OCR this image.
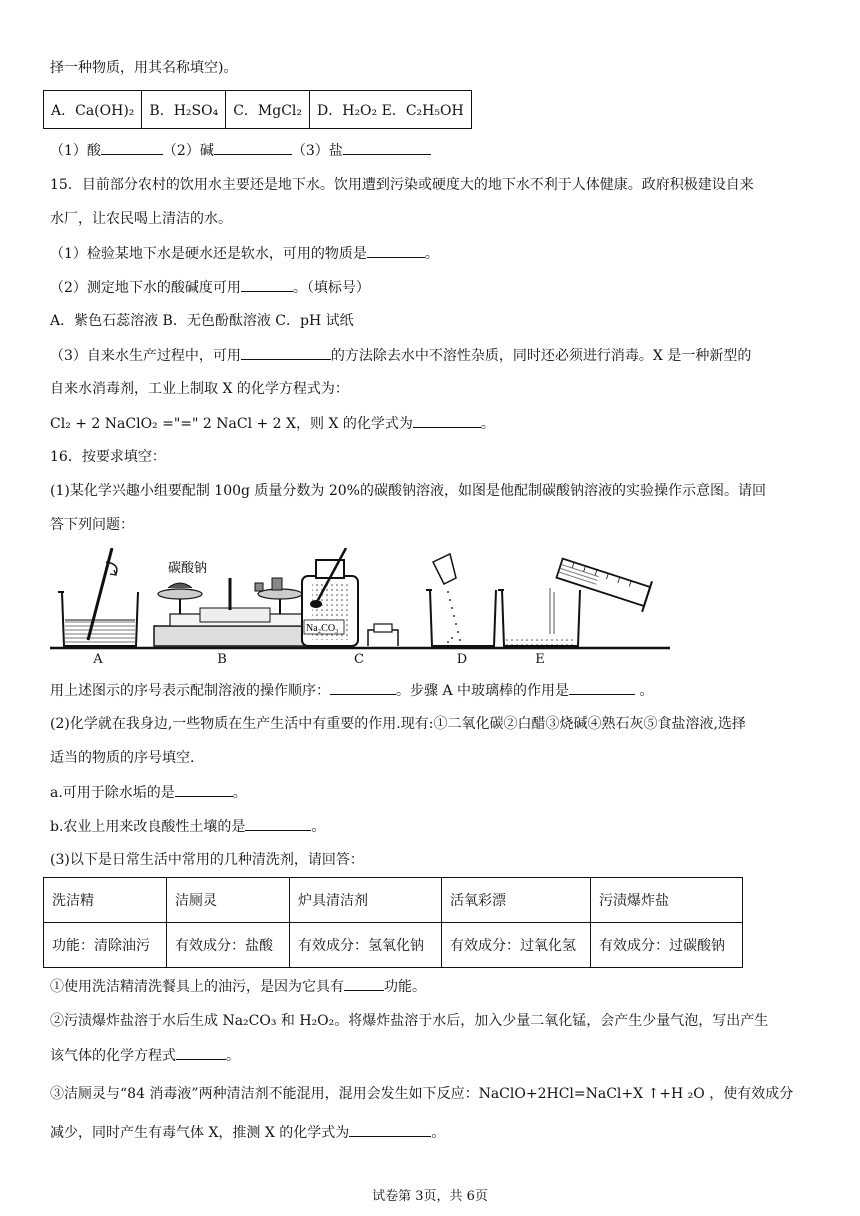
择一种物质，用其名称填空)。
A．Ca(OH)₂	B．H₂SO₄	C．MgCl₂	D．H₂O₂ E．C₂H₅OH
（1）酸	（2）碱	（3）盐
15．目前部分农村的饮用水主要还是地下水。饮用遭到污染或硬度大的地下水不利于人体健康。政府积极建设自来
水厂，让农民喝上清洁的水。
（1）检验某地下水是硬水还是软水，可用的物质是	。
（2）测定地下水的酸碱度可用	。（填标号）
A．紫色石蕊溶液 B．无色酚酞溶液 C．pH 试纸
（3）自来水生产过程中，可用	的方法除去水中不溶性杂质，同时还必须进行消毒。X 是一种新型的
自来水消毒剂，工业上制取 X 的化学方程式为：
Cl₂ + 2 NaClO₂ ="=" 2 NaCl + 2 X，则 X 的化学式为	。
16．按要求填空：
(1)某化学兴趣小组要配制 100g 质量分数为 20%的碳酸钠溶液，如图是他配制碳酸钠溶液的实验操作示意图。请回
答下列问题：
碳酸钠
Na₂CO₃
A	B	C	D	E
用上述图示的序号表示配制溶液的操作顺序：	。步骤 A 中玻璃棒的作用是	。
(2)化学就在我身边,一些物质在生产生活中有重要的作用.现有:①二氧化碳②白醋③烧碱④熟石灰⑤食盐溶液,选择
适当的物质的序号填空.
a.可用于除水垢的是	。
b.农业上用来改良酸性土壤的是	。
(3)以下是日常生活中常用的几种清洗剂，请回答：
洗洁精	洁厕灵	炉具清洁剂	活氧彩漂	污渍爆炸盐
功能：清除油污	有效成分：盐酸	有效成分：氢氧化钠	有效成分：过氧化氢	有效成分：过碳酸钠
①使用洗洁精清洗餐具上的油污，是因为它具有	功能。
②污渍爆炸盐溶于水后生成 Na₂CO₃ 和 H₂O₂。将爆炸盐溶于水后，加入少量二氧化锰，会产生少量气泡，写出产生
该气体的化学方程式	。
③洁厕灵与“84 消毒液”两种清洁剂不能混用，混用会发生如下反应：NaClO+2HCl=NaCl+X ↑+H ₂O ，使有效成分
减少，同时产生有毒气体 X，推测 X 的化学式为	。
试卷第 3页，共 6页
